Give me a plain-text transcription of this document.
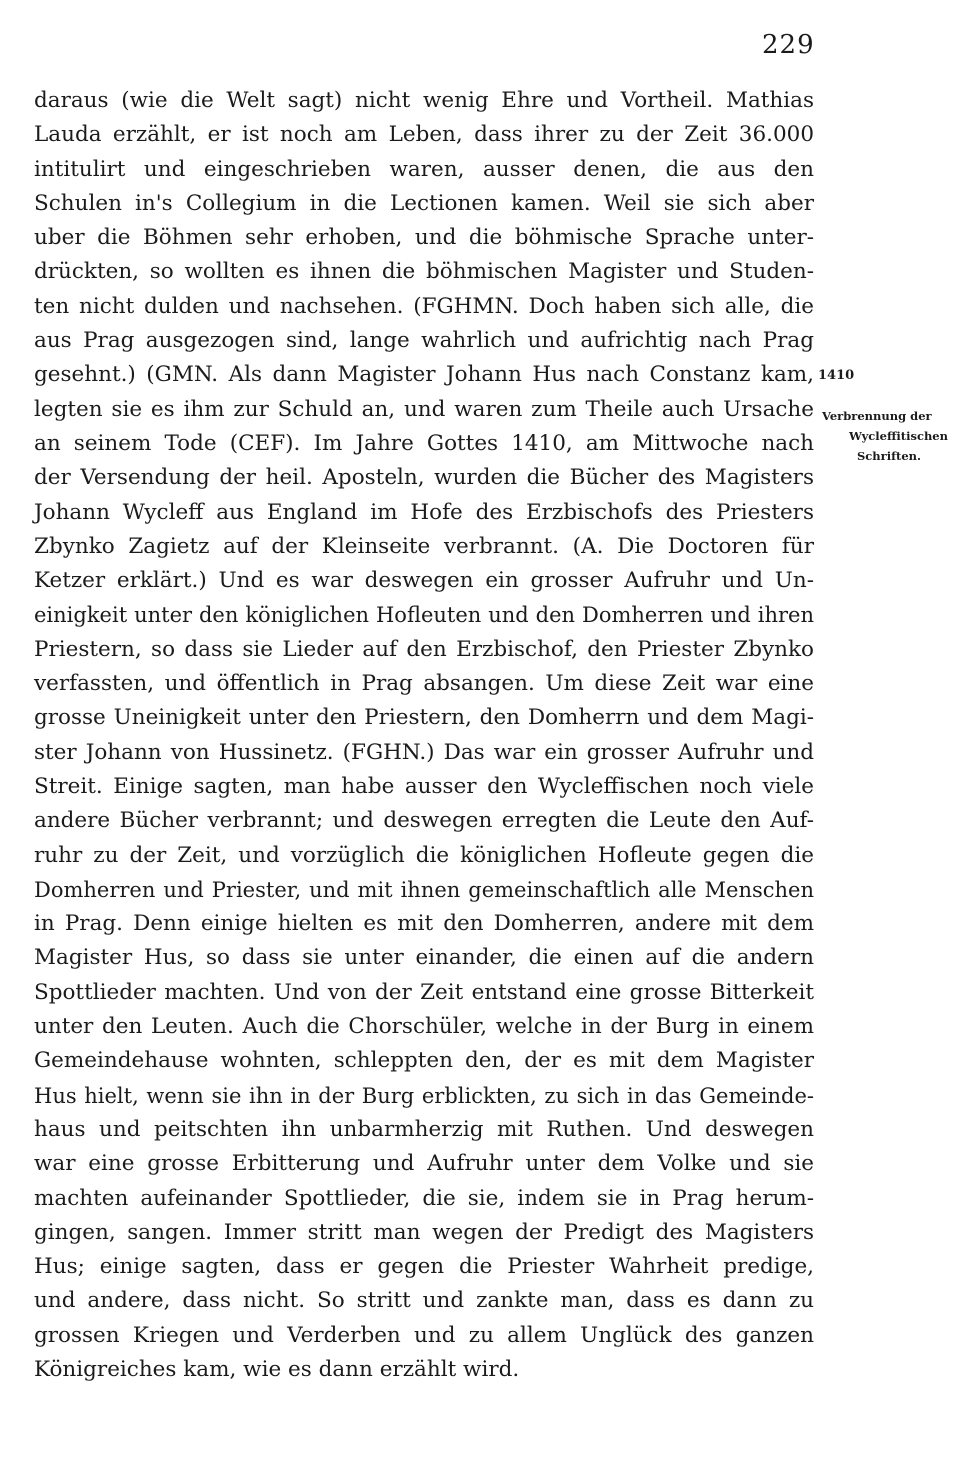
229
daraus (wie die Welt sagt) nicht wenig Ehre und Vortheil. Mathias
Lauda erzählt, er ist noch am Leben, dass ihrer zu der Zeit 36.000
intitulirt und eingeschrieben waren, ausser denen, die aus den
Schulen in's Collegium in die Lectionen kamen. Weil sie sich aber
uber die Böhmen sehr erhoben, und die böhmische Sprache unter-
drückten, so wollten es ihnen die böhmischen Magister und Studen-
ten nicht dulden und nachsehen. (FGHMN. Doch haben sich alle, die
aus Prag ausgezogen sind, lange wahrlich und aufrichtig nach Prag
gesehnt.) (GMN. Als dann Magister Johann Hus nach Constanz kam,
legten sie es ihm zur Schuld an, und waren zum Theile auch Ursache
an seinem Tode (CEF). Im Jahre Gottes 1410, am Mittwoche nach
der Versendung der heil. Aposteln, wurden die Bücher des Magisters
Johann Wycleff aus England im Hofe des Erzbischofs des Priesters
Zbynko Zagietz auf der Kleinseite verbrannt. (A. Die Doctoren für
Ketzer erklärt.) Und es war deswegen ein grosser Aufruhr und Un-
einigkeit unter den königlichen Hofleuten und den Domherren und ihren
Priestern, so dass sie Lieder auf den Erzbischof, den Priester Zbynko
verfassten, und öffentlich in Prag absangen. Um diese Zeit war eine
grosse Uneinigkeit unter den Priestern, den Domherrn und dem Magi-
ster Johann von Hussinetz. (FGHN.) Das war ein grosser Aufruhr und
Streit. Einige sagten, man habe ausser den Wycleffischen noch viele
andere Bücher verbrannt; und deswegen erregten die Leute den Auf-
ruhr zu der Zeit, und vorzüglich die königlichen Hofleute gegen die
Domherren und Priester, und mit ihnen gemeinschaftlich alle Menschen
in Prag. Denn einige hielten es mit den Domherren, andere mit dem
Magister Hus, so dass sie unter einander, die einen auf die andern
Spottlieder machten. Und von der Zeit entstand eine grosse Bitterkeit
unter den Leuten. Auch die Chorschüler, welche in der Burg in einem
Gemeindehause wohnten, schleppten den, der es mit dem Magister
Hus hielt, wenn sie ihn in der Burg erblickten, zu sich in das Gemeinde-
haus und peitschten ihn unbarmherzig mit Ruthen. Und deswegen
war eine grosse Erbitterung und Aufruhr unter dem Volke und sie
machten aufeinander Spottlieder, die sie, indem sie in Prag herum-
gingen, sangen. Immer stritt man wegen der Predigt des Magisters
Hus; einige sagten, dass er gegen die Priester Wahrheit predige,
und andere, dass nicht. So stritt und zankte man, dass es dann zu
grossen Kriegen und Verderben und zu allem Unglück des ganzen
Königreiches kam, wie es dann erzählt wird.
1410
Verbrennung der
Wycleffitischen
Schriften.
